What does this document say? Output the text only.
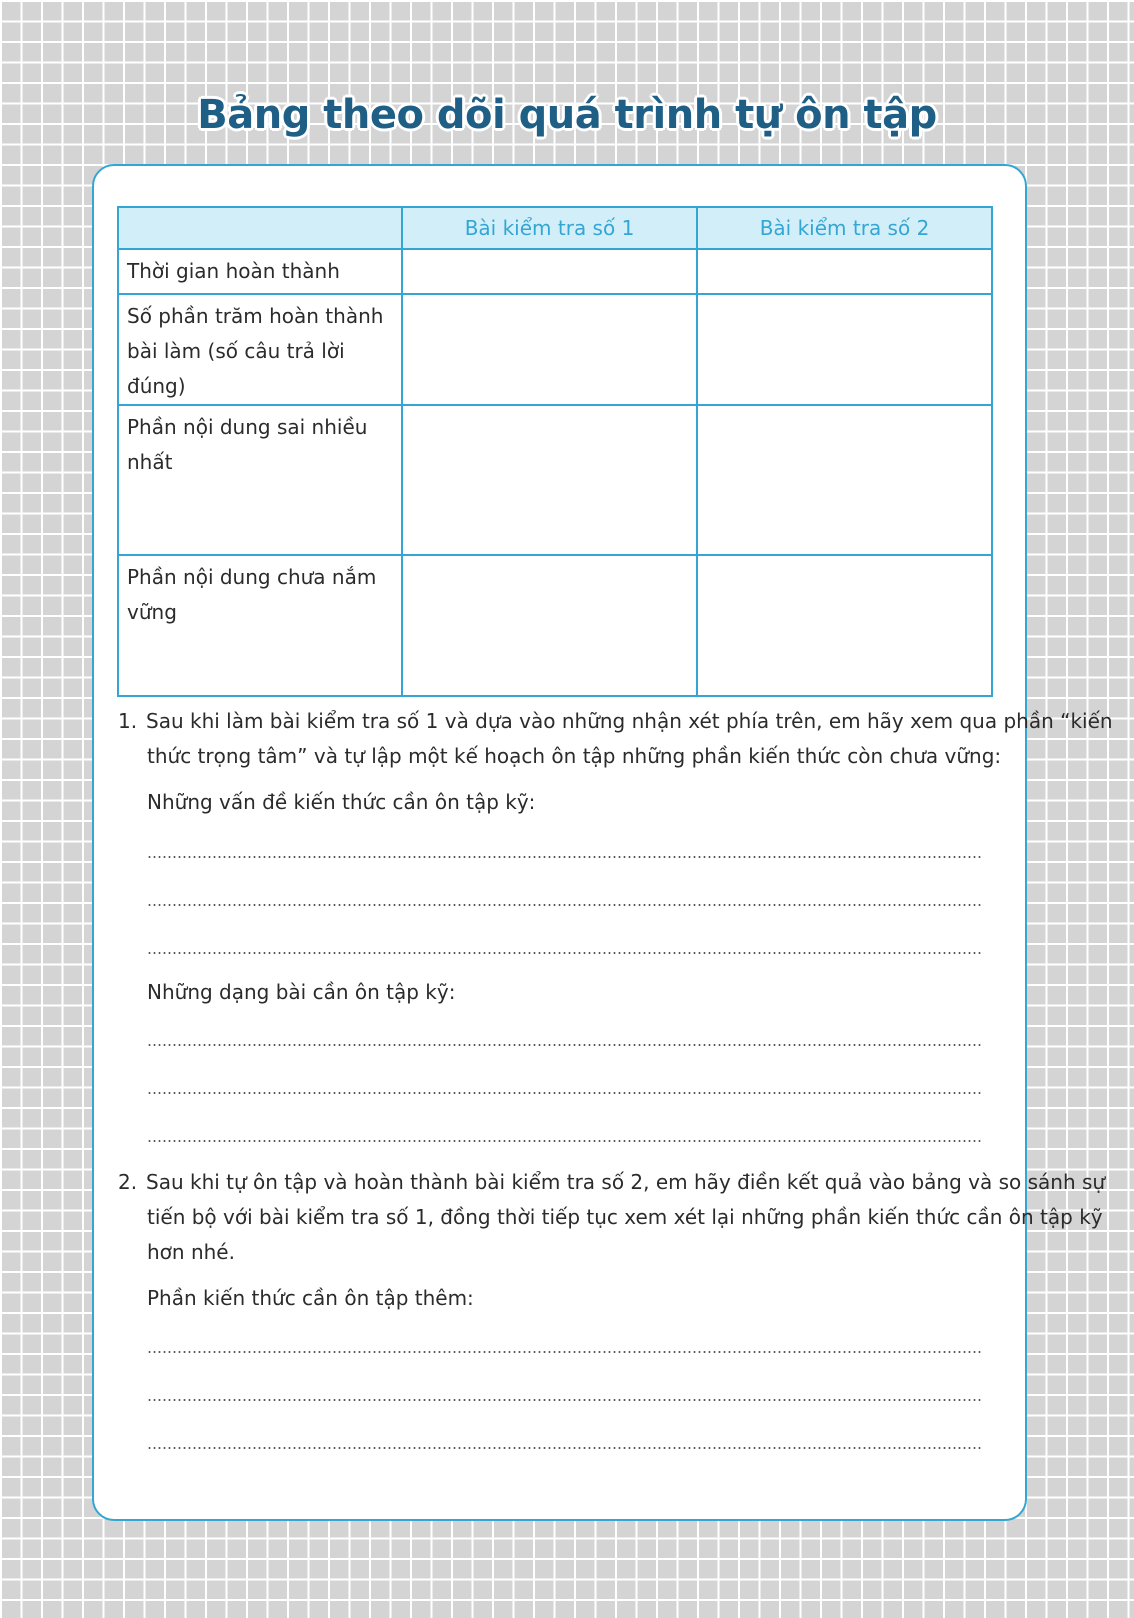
Bảng theo dõi quá trình tự ôn tập
	Bài kiểm tra số 1	Bài kiểm tra số 2
Thời gian hoàn thành		
Số phần trăm hoàn thành bài làm (số câu trả lời đúng)		
Phần nội dung sai nhiều nhất		
Phần nội dung chưa nắm vững		
1. Sau khi làm bài kiểm tra số 1 và dựa vào những nhận xét phía trên, em hãy xem qua phần “kiến
thức trọng tâm” và tự lập một kế hoạch ôn tập những phần kiến thức còn chưa vững:
Những vấn đề kiến thức cần ôn tập kỹ:
Những dạng bài cần ôn tập kỹ:
2. Sau khi tự ôn tập và hoàn thành bài kiểm tra số 2, em hãy điền kết quả vào bảng và so sánh sự
tiến bộ với bài kiểm tra số 1, đồng thời tiếp tục xem xét lại những phần kiến thức cần ôn tập kỹ
hơn nhé.
Phần kiến thức cần ôn tập thêm:
